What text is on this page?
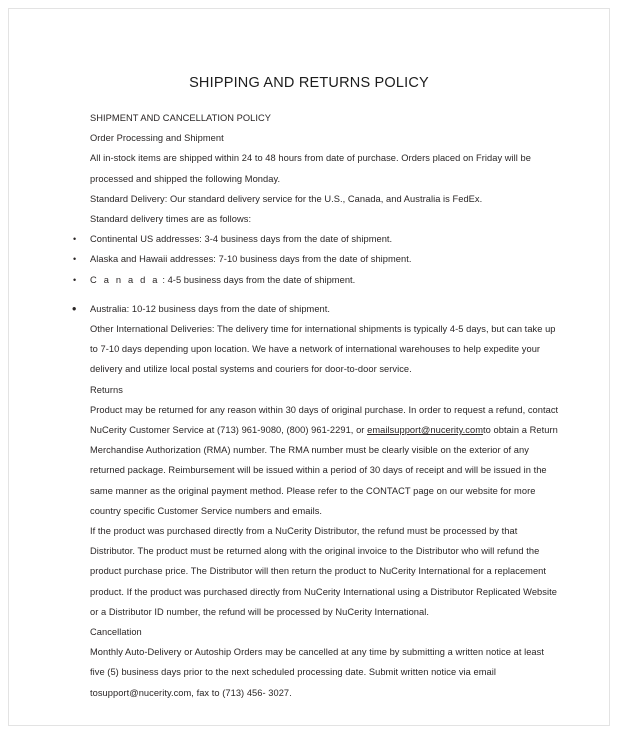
SHIPPING AND RETURNS POLICY

SHIPMENT AND CANCELLATION POLICY

Order Processing and Shipment

All in-stock items are shipped within 24 to 48 hours from date of purchase. Orders placed on Friday will be processed and shipped the following Monday.

Standard Delivery: Our standard delivery service for the U.S., Canada, and Australia is FedEx.

Standard delivery times are as follows:

• Continental US addresses: 3-4 business days from the date of shipment.
• Alaska and Hawaii addresses: 7-10 business days from the date of shipment.
• C a n a d a : 4-5 business days from the date of shipment.
• Australia: 10-12 business days from the date of shipment.

Other International Deliveries: The delivery time for international shipments is typically 4-5 days, but can take up to 7-10 days depending upon location. We have a network of international warehouses to help expedite your delivery and utilize local postal systems and couriers for door-to-door service.

Returns

Product may be returned for any reason within 30 days of original purchase. In order to request a refund, contact NuCerity Customer Service at (713) 961-9080, (800) 961-2291, or emailsupport@nucerity.comto obtain a Return Merchandise Authorization (RMA) number. The RMA number must be clearly visible on the exterior of any returned package. Reimbursement will be issued within a period of 30 days of receipt and will be issued in the same manner as the original payment method. Please refer to the CONTACT page on our website for more country specific Customer Service numbers and emails.

If the product was purchased directly from a NuCerity Distributor, the refund must be processed by that Distributor. The product must be returned along with the original invoice to the Distributor who will refund the product purchase price. The Distributor will then return the product to NuCerity International for a replacement product. If the product was purchased directly from NuCerity International using a Distributor Replicated Website or a Distributor ID number, the refund will be processed by NuCerity International.

Cancellation

Monthly Auto-Delivery or Autoship Orders may be cancelled at any time by submitting a written notice at least five (5) business days prior to the next scheduled processing date. Submit written notice via email tosupport@nucerity.com, fax to (713) 456- 3027.
